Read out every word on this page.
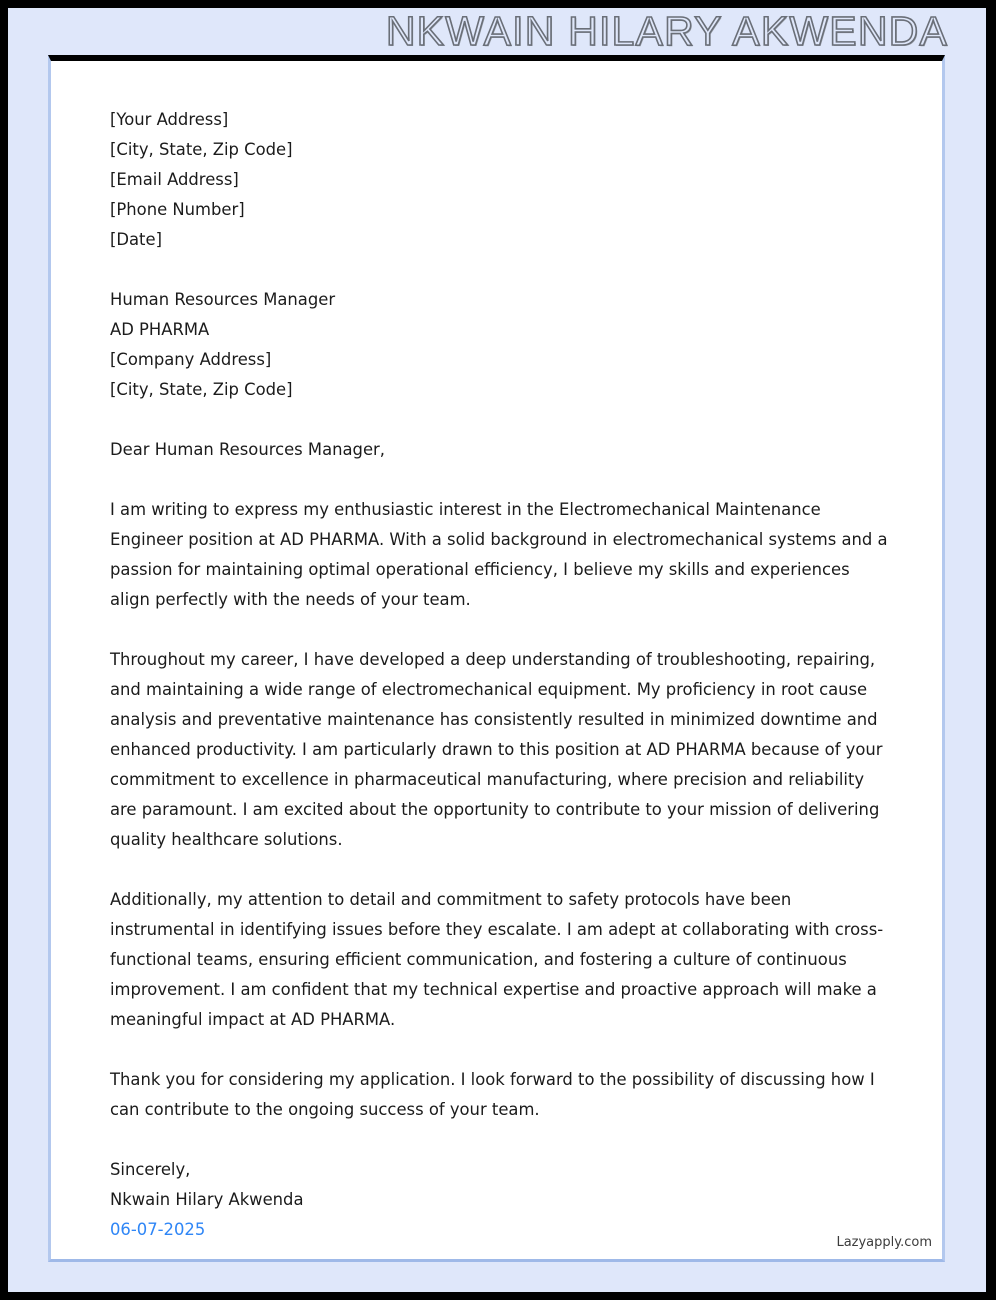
NKWAIN HILARY AKWENDA
[Your Address]
[City, State, Zip Code]
[Email Address]
[Phone Number]
[Date]
Human Resources Manager
AD PHARMA
[Company Address]
[City, State, Zip Code]

Dear Human Resources Manager,

I am writing to express my enthusiastic interest in the Electromechanical Maintenance Engineer position at AD PHARMA. With a solid background in electromechanical systems and a passion for maintaining optimal operational efficiency, I believe my skills and experiences align perfectly with the needs of your team.

Throughout my career, I have developed a deep understanding of troubleshooting, repairing, and maintaining a wide range of electromechanical equipment. My proficiency in root cause analysis and preventative maintenance has consistently resulted in minimized downtime and enhanced productivity. I am particularly drawn to this position at AD PHARMA because of your commitment to excellence in pharmaceutical manufacturing, where precision and reliability are paramount. I am excited about the opportunity to contribute to your mission of delivering quality healthcare solutions.

Additionally, my attention to detail and commitment to safety protocols have been instrumental in identifying issues before they escalate. I am adept at collaborating with cross-functional teams, ensuring efficient communication, and fostering a culture of continuous improvement. I am confident that my technical expertise and proactive approach will make a meaningful impact at AD PHARMA.

Thank you for considering my application. I look forward to the possibility of discussing how I can contribute to the ongoing success of your team.

Sincerely,
Nkwain Hilary Akwenda
06-07-2025
Lazyapply.com
